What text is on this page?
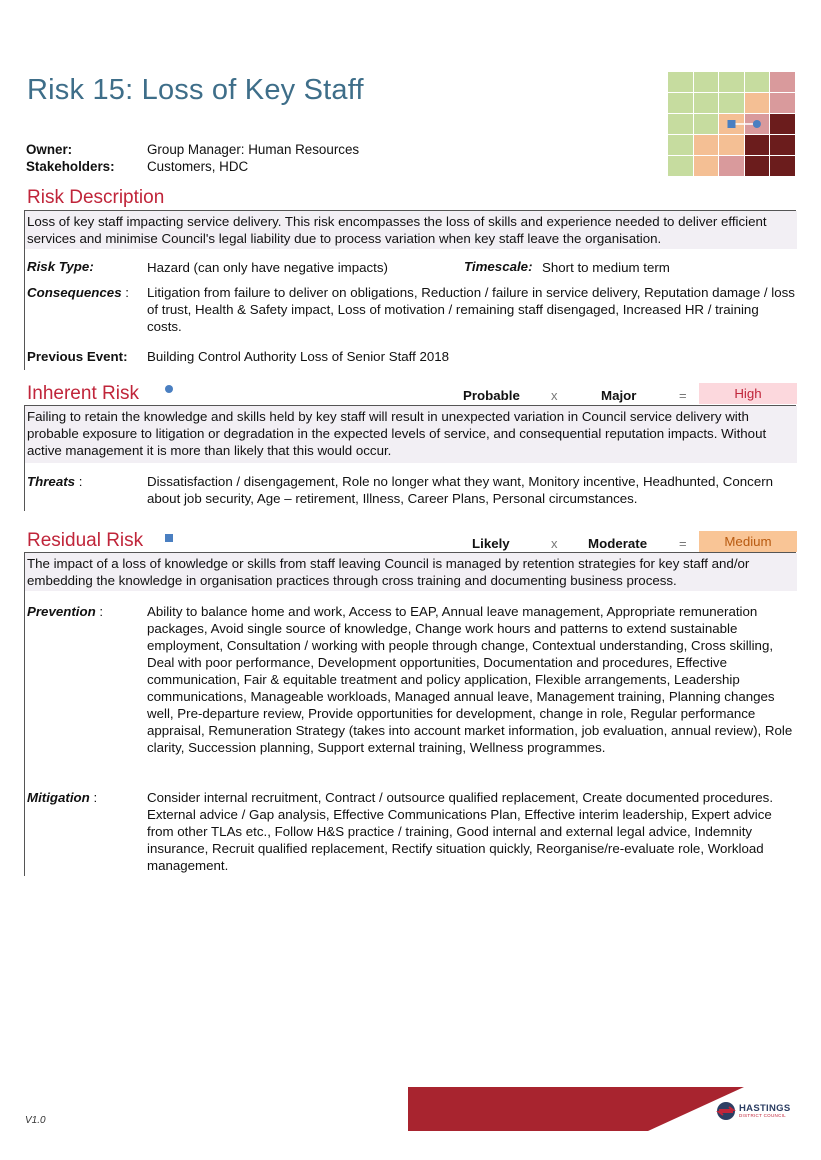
Risk 15: Loss of Key Staff
Owner:	Group Manager: Human Resources
Stakeholders: Customers, HDC
Risk Description
Loss of key staff impacting service delivery. This risk encompasses the loss of skills and experience needed to deliver efficient services and minimise Council's legal liability due to process variation when key staff leave the organisation.
Risk Type:	Hazard (can only have negative impacts)	Timescale: Short to medium term
Consequences : Litigation from failure to deliver on obligations, Reduction / failure in service delivery, Reputation damage / loss of trust, Health & Safety impact, Loss of motivation / remaining staff disengaged, Increased HR / training costs.
Previous Event: Building Control Authority Loss of Senior Staff 2018
Inherent Risk	Probable x	Major	=	High
Failing to retain the knowledge and skills held by key staff will result in unexpected variation in Council service delivery with probable exposure to litigation or degradation in the expected levels of service, and consequential reputation impacts. Without active management it is more than likely that this would occur.
Threats :	Dissatisfaction / disengagement, Role no longer what they want, Monitory incentive, Headhunted, Concern about job security, Age – retirement, Illness, Career Plans, Personal circumstances.
Residual Risk	Likely	x Moderate =	Medium
The impact of a loss of knowledge or skills from staff leaving Council is managed by retention strategies for key staff and/or embedding the knowledge in organisation practices through cross training and documenting business process.
Prevention :	Ability to balance home and work, Access to EAP, Annual leave management, Appropriate remuneration packages, Avoid single source of knowledge, Change work hours and patterns to extend sustainable employment, Consultation / working with people through change, Contextual understanding, Cross skilling, Deal with poor performance, Development opportunities, Documentation and procedures, Effective communication, Fair & equitable treatment and policy application, Flexible arrangements, Leadership communications, Manageable workloads, Managed annual leave, Management training, Planning changes well, Pre-departure review, Provide opportunities for development, change in role, Regular performance appraisal, Remuneration Strategy (takes into account market information, job evaluation, annual review), Role clarity, Succession planning, Support external training, Wellness programmes.
Mitigation :	Consider internal recruitment, Contract / outsource qualified replacement, Create documented procedures. External advice / Gap analysis, Effective Communications Plan, Effective interim leadership, Expert advice from other TLAs etc., Follow H&S practice / training, Good internal and external legal advice, Indemnity insurance, Recruit qualified replacement, Rectify situation quickly, Reorganise/re-evaluate role, Workload management.
V1.0
HASTINGS
DISTRICT COUNCIL
